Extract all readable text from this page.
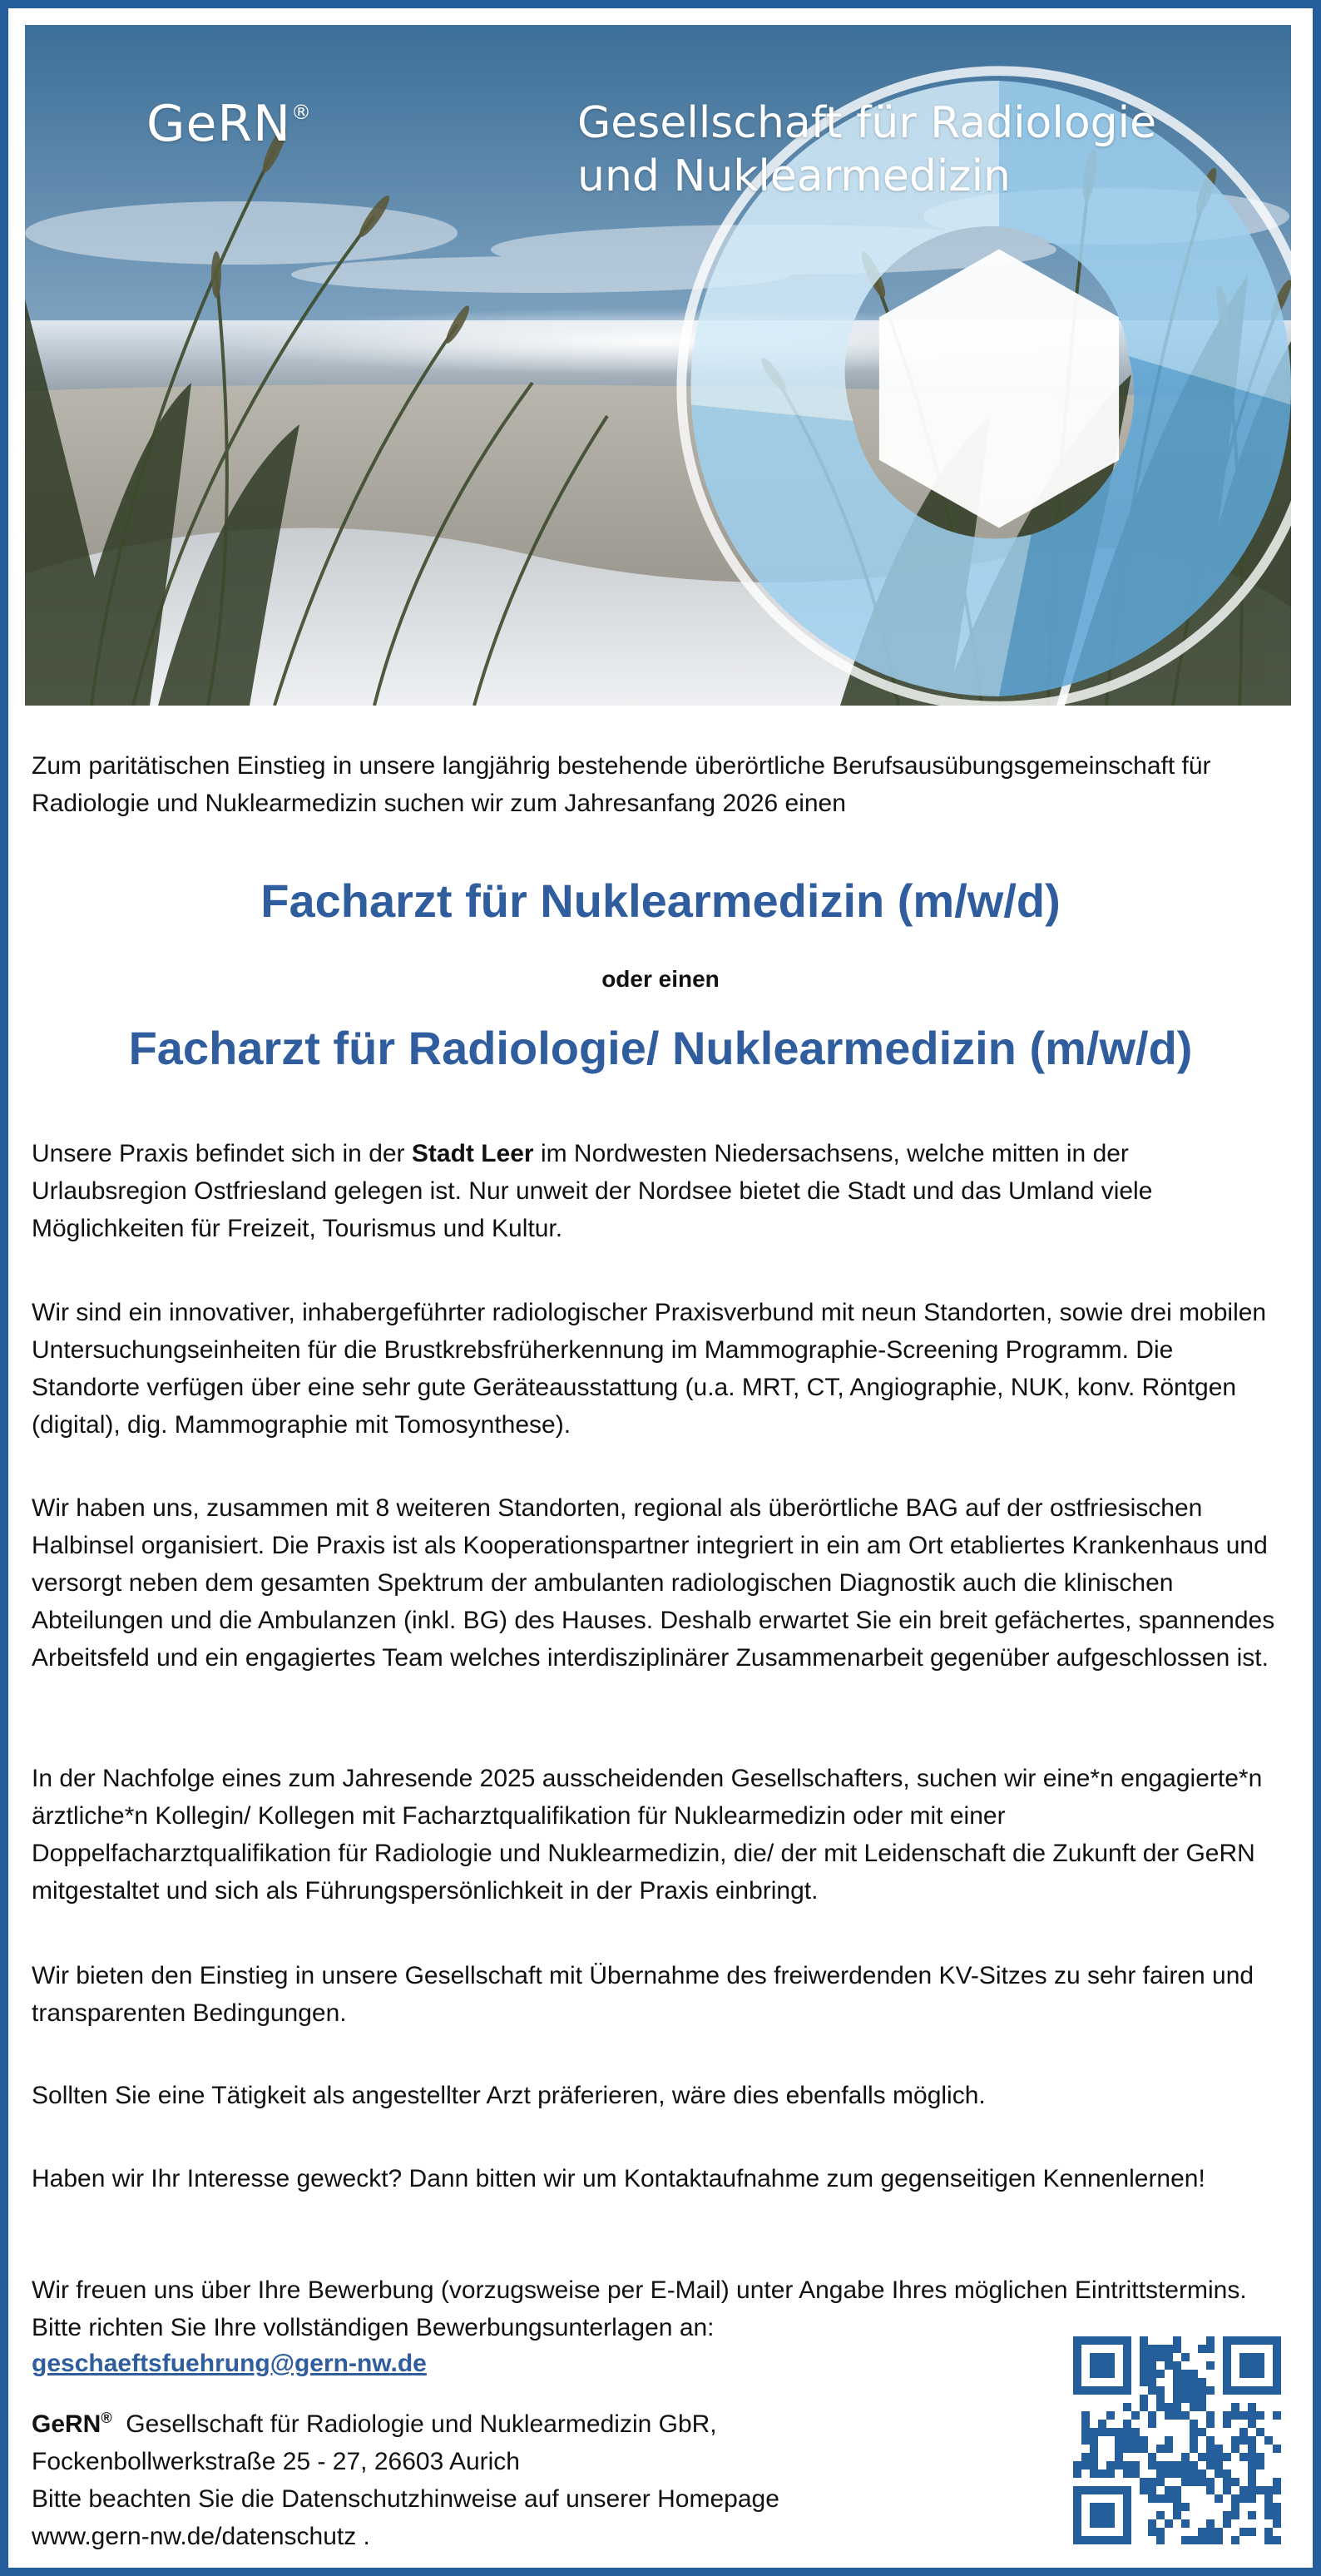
GeRN®	Gesellschaft für Radiologie
und Nuklearmedizin
Zum paritätischen Einstieg in unsere langjährig bestehende überörtliche Berufsausübungsgemeinschaft für Radiologie und Nuklearmedizin suchen wir zum Jahresanfang 2026 einen
Facharzt für Nuklearmedizin (m/w/d)
oder einen
Facharzt für Radiologie/ Nuklearmedizin (m/w/d)
Unsere Praxis befindet sich in der Stadt Leer im Nordwesten Niedersachsens, welche mitten in der Urlaubsregion Ostfriesland gelegen ist. Nur unweit der Nordsee bietet die Stadt und das Umland viele Möglichkeiten für Freizeit, Tourismus und Kultur.
Wir sind ein innovativer, inhabergeführter radiologischer Praxisverbund mit neun Standorten, sowie drei mobilen Untersuchungseinheiten für die Brustkrebsfrüherkennung im Mammographie-Screening Programm. Die Standorte verfügen über eine sehr gute Geräteausstattung (u.a. MRT, CT, Angiographie, NUK, konv. Röntgen (digital), dig. Mammographie mit Tomosynthese).
Wir haben uns, zusammen mit 8 weiteren Standorten, regional als überörtliche BAG auf der ostfriesischen Halbinsel organisiert. Die Praxis ist als Kooperationspartner integriert in ein am Ort etabliertes Krankenhaus und versorgt neben dem gesamten Spektrum der ambulanten radiologischen Diagnostik auch die klinischen Abteilungen und die Ambulanzen (inkl. BG) des Hauses. Deshalb erwartet Sie ein breit gefächertes, spannendes Arbeitsfeld und ein engagiertes Team welches interdisziplinärer Zusammenarbeit gegenüber aufgeschlossen ist.
In der Nachfolge eines zum Jahresende 2025 ausscheidenden Gesellschafters, suchen wir eine*n engagierte*n ärztliche*n Kollegin/ Kollegen mit Facharztqualifikation für Nuklearmedizin oder mit einer Doppelfacharztqualifikation für Radiologie und Nuklearmedizin, die/ der mit Leidenschaft die Zukunft der GeRN mitgestaltet und sich als Führungspersönlichkeit in der Praxis einbringt.
Wir bieten den Einstieg in unsere Gesellschaft mit Übernahme des freiwerdenden KV-Sitzes zu sehr fairen und transparenten Bedingungen.
Sollten Sie eine Tätigkeit als angestellter Arzt präferieren, wäre dies ebenfalls möglich.
Haben wir Ihr Interesse geweckt? Dann bitten wir um Kontaktaufnahme zum gegenseitigen Kennenlernen!
Wir freuen uns über Ihre Bewerbung (vorzugsweise per E-Mail) unter Angabe Ihres möglichen Eintrittstermins. Bitte richten Sie Ihre vollständigen Bewerbungsunterlagen an:
geschaeftsfuehrung@gern-nw.de
GeRN®  Gesellschaft für Radiologie und Nuklearmedizin GbR,
Fockenbollwerkstraße 25 - 27, 26603 Aurich
Bitte beachten Sie die Datenschutzhinweise auf unserer Homepage
www.gern-nw.de/datenschutz .
